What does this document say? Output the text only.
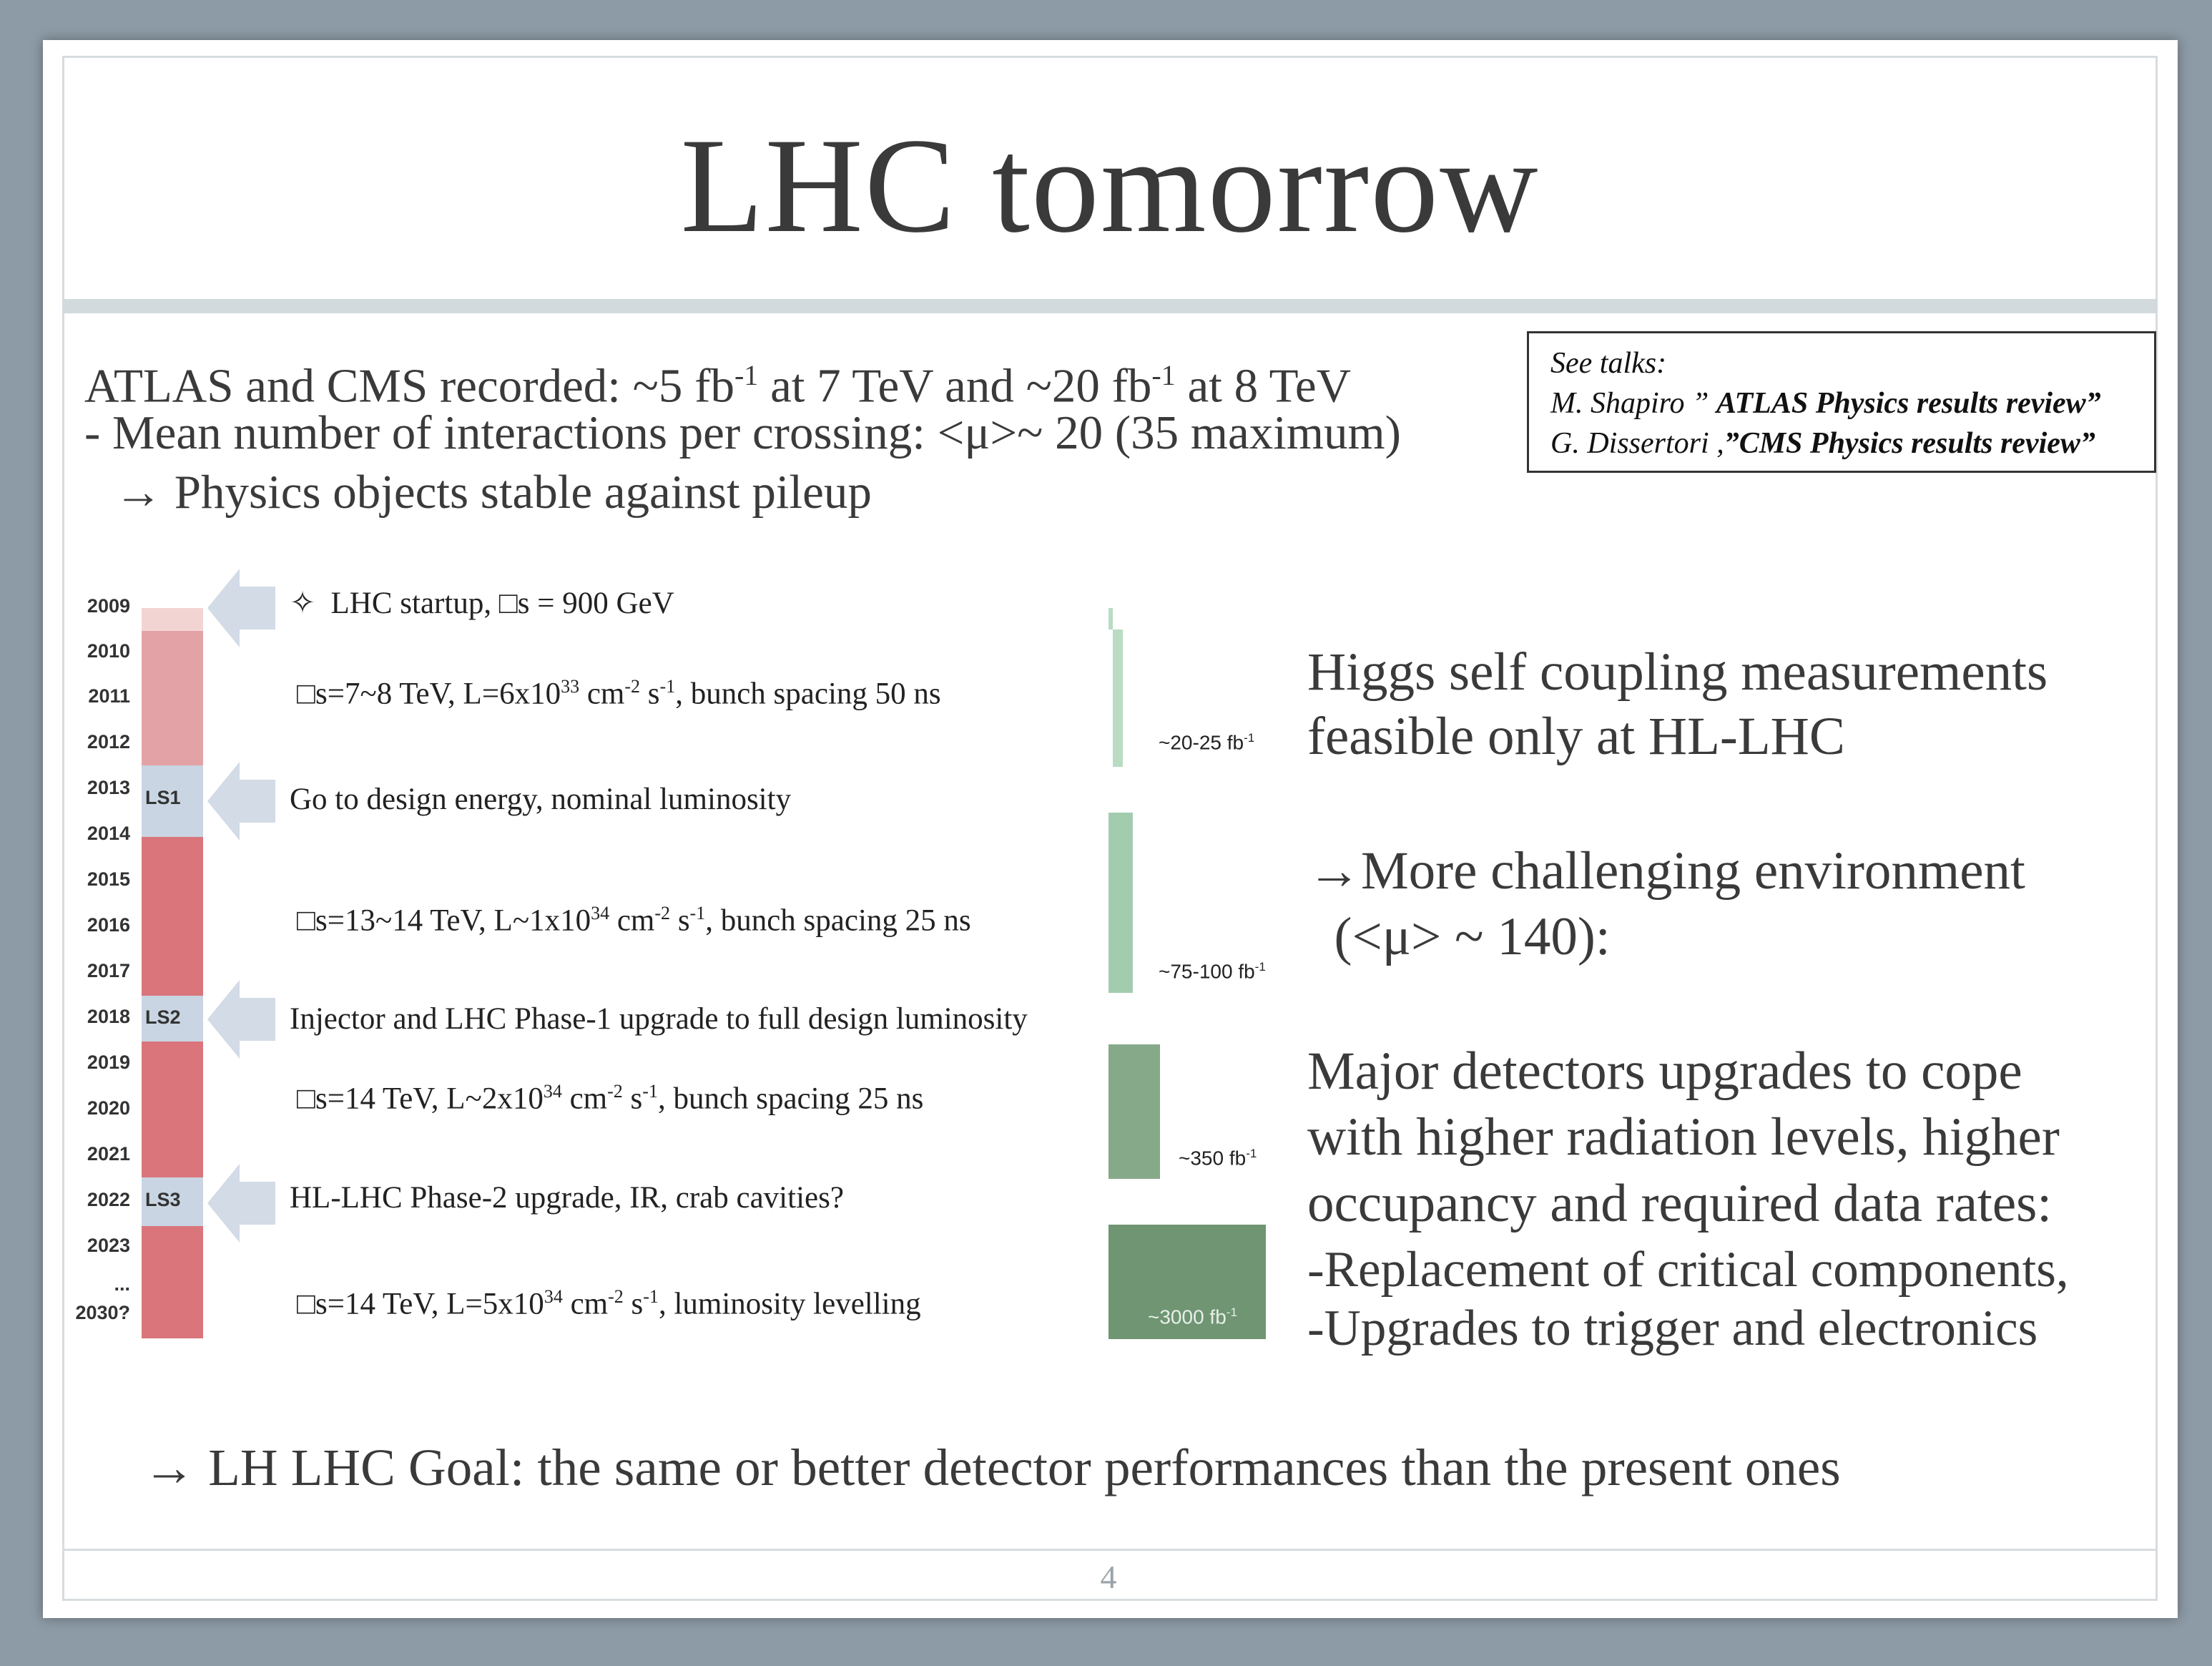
LHC tomorrow
ATLAS and CMS recorded: ~5 $fb^{-1}$ at 7 TeV and ~20 $fb^{-1}$ at 8 TeV
- Mean number of interactions per crossing: <μ>~ 20 (35 maximum)
→ Physics objects stable against pileup
See talks:
M. Shapiro ” ATLAS Physics results review”
G. Dissertori ,”CMS Physics results review”
2009
2010
2011
2012
2013
2014
2015
2016
2017
2018
2019
2020
2021
2022
2023
...
2030?
LS1
LS2
LS3
✧ LHC startup, □s = 900 GeV
□s=7~8 TeV, $L=6x10^{33}$ $cm^{-2}$ $s^{-1}$, bunch spacing 50 ns
Go to design energy, nominal luminosity
□s=13~14 TeV, $L\sim 1x10^{34}$ $cm^{-2}$ $s^{-1}$, bunch spacing 25 ns
Injector and LHC Phase-1 upgrade to full design luminosity
□s=14 TeV, $L\sim 2x10^{34}$ $cm^{-2}$ $s^{-1}$, bunch spacing 25 ns
HL-LHC Phase-2 upgrade, IR, crab cavities?
□s=14 TeV, $L=5x10^{34}$ $cm^{-2}$ $s^{-1}$, luminosity levelling
~20-25 $fb^{-1}$
~75-100 $fb^{-1}$
~350 $fb^{-1}$
~3000 $fb^{-1}$
Higgs self coupling measurements
feasible only at HL-LHC
→More challenging environment
(<μ> ~ 140):
Major detectors upgrades to cope
with higher radiation levels, higher
occupancy and required data rates:
-Replacement of critical components,
-Upgrades to trigger and electronics
→ LH LHC Goal: the same or better detector performances than the present ones
4
